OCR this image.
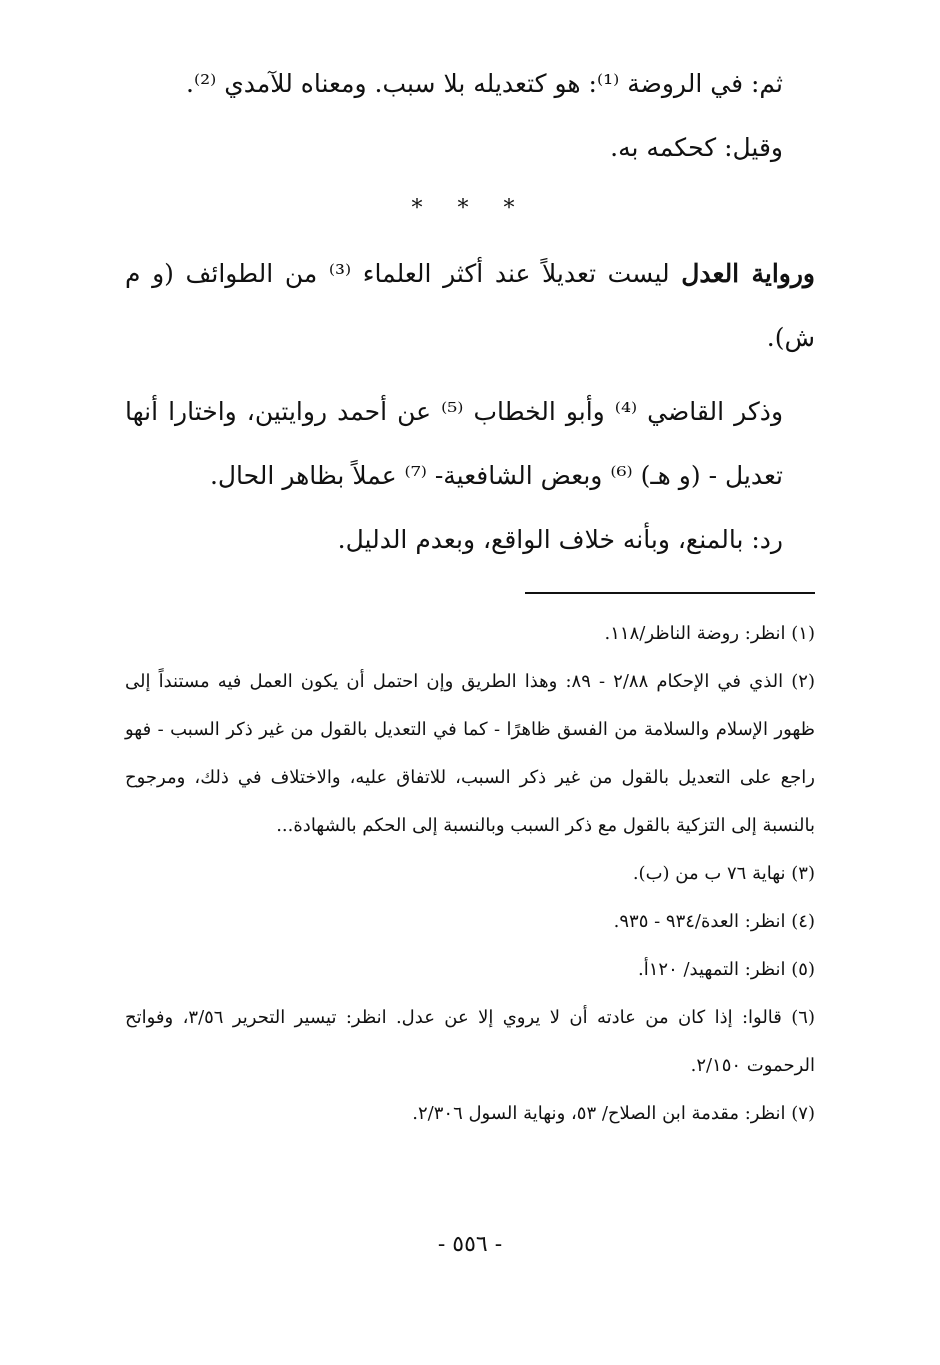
ثم: في الروضة ⁽¹⁾: هو كتعديله بلا سبب. ومعناه للآمدي ⁽²⁾.
وقيل: كحكمه به.
* * *
ورواية العدل ليست تعديلاً عند أكثر العلماء ⁽³⁾ من الطوائف (و م ش).
وذكر القاضي ⁽⁴⁾ وأبو الخطاب ⁽⁵⁾ عن أحمد روايتين، واختارا أنها تعديل - (و هـ) ⁽⁶⁾ وبعض الشافعية- ⁽⁷⁾ عملاً بظاهر الحال.
رد: بالمنع، وبأنه خلاف الواقع، وبعدم الدليل.
(١) انظر: روضة الناظر/١١٨.
(٢) الذي في الإحكام ٢/٨٨ - ٨٩: وهذا الطريق وإن احتمل أن يكون العمل فيه مستنداً إلى ظهور الإسلام والسلامة من الفسق ظاهرًا - كما في التعديل بالقول من غير ذكر السبب - فهو راجع على التعديل بالقول من غير ذكر السبب، للاتفاق عليه، والاختلاف في ذلك، ومرجوح بالنسبة إلى التزكية بالقول مع ذكر السبب وبالنسبة إلى الحكم بالشهادة...
(٣) نهاية ٧٦ ب من (ب).
(٤) انظر: العدة/٩٣٤ - ٩٣٥.
(٥) انظر: التمهيد/ ١٢٠أ.
(٦) قالوا: إذا كان من عادته أن لا يروي إلا عن عدل. انظر: تيسير التحرير ٣/٥٦، وفواتح الرحموت ٢/١٥٠.
(٧) انظر: مقدمة ابن الصلاح/ ٥٣، ونهاية السول ٢/٣٠٦.
- ٥٥٦ -
